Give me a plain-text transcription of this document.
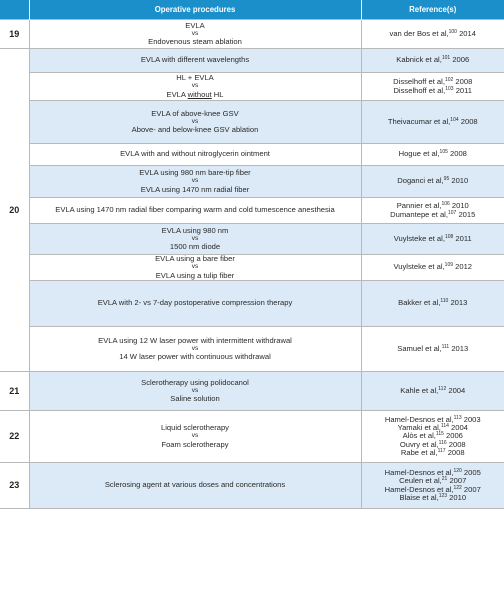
	Operative procedures	Reference(s)
19	EVLA
vs
Endovenous steam ablation	van der Bos et al,$^{100}$ 2014

20	EVLA with different wavelengths	Kabnick et al,$^{101}$ 2006

	HL + EVLA
vs
EVLA without HL	Disselhoff et al,$^{102}$ 2008
Disselhoff et al,$^{103}$ 2011

	EVLA of above-knee GSV
vs
Above- and below-knee GSV ablation	Theivacumar et al,$^{104}$ 2008

	EVLA with and without nitroglycerin ointment	Hogue et al,$^{105}$ 2008

	EVLA using 980 nm bare-tip fiber
vs
EVLA using 1470 nm radial fiber	Doganci et al,$^{95}$ 2010

	EVLA using 1470 nm radial fiber comparing warm and cold tumescence anesthesia	Pannier et al,$^{106}$ 2010
Dumantepe et al,$^{107}$ 2015

	EVLA using 980 nm
vs
1500 nm diode	Vuylsteke et al,$^{108}$ 2011

	EVLA using a bare fiber
vs
EVLA using a tulip fiber	Vuylsteke et al,$^{109}$ 2012

	EVLA with 2- vs 7-day postoperative compression therapy	Bakker et al,$^{110}$ 2013

	EVLA using 12 W laser power with intermittent withdrawal
vs
14 W laser power with continuous withdrawal	Samuel et al,$^{111}$ 2013

21	Sclerotherapy using polidocanol
vs
Saline solution	Kahle et al,$^{112}$ 2004

22	Liquid sclerotherapy
vs
Foam sclerotherapy	Hamel-Desnos et al,$^{113}$ 2003
Yamaki et al,$^{114}$ 2004
Alòs et al,$^{115}$ 2006
Ouvry et al,$^{116}$ 2008
Rabe et al,$^{117}$ 2008

23	Sclerosing agent at various doses and concentrations	Hamel-Desnos et al,$^{120}$ 2005
Ceulen et al,$^{21}$ 2007
Hamel-Desnos et al,$^{122}$ 2007
Blaise et al,$^{123}$ 2010
